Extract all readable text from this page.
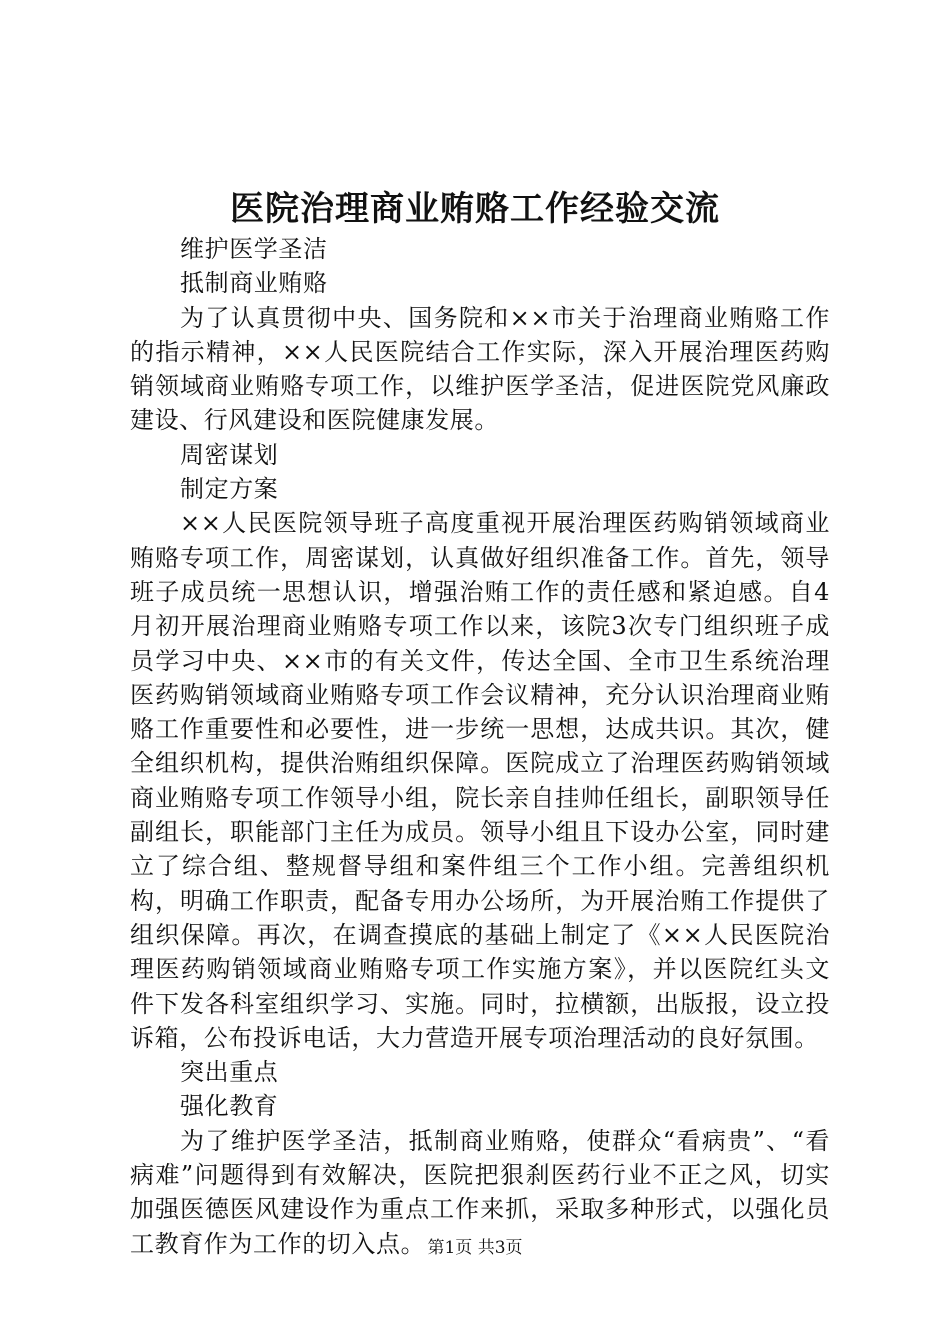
医院治理商业贿赂工作经验交流

维护医学圣洁

抵制商业贿赂

为了认真贯彻中央、国务院和××市关于治理商业贿赂工作的指示精神，××人民医院结合工作实际，深入开展治理医药购销领域商业贿赂专项工作，以维护医学圣洁，促进医院党风廉政建设、行风建设和医院健康发展。

周密谋划

制定方案

××人民医院领导班子高度重视开展治理医药购销领域商业贿赂专项工作，周密谋划，认真做好组织准备工作。首先，领导班子成员统一思想认识，增强治贿工作的责任感和紧迫感。自4月初开展治理商业贿赂专项工作以来，该院3次专门组织班子成员学习中央、××市的有关文件，传达全国、全市卫生系统治理医药购销领域商业贿赂专项工作会议精神，充分认识治理商业贿赂工作重要性和必要性，进一步统一思想，达成共识。其次，健全组织机构，提供治贿组织保障。医院成立了治理医药购销领域商业贿赂专项工作领导小组，院长亲自挂帅任组长，副职领导任副组长，职能部门主任为成员。领导小组且下设办公室，同时建立了综合组、整规督导组和案件组三个工作小组。完善组织机构，明确工作职责，配备专用办公场所，为开展治贿工作提供了组织保障。再次，在调查摸底的基础上制定了《××人民医院治理医药购销领域商业贿赂专项工作实施方案》，并以医院红头文件下发各科室组织学习、实施。同时，拉横额，出版报，设立投诉箱，公布投诉电话，大力营造开展专项治理活动的良好氛围。

突出重点

强化教育

为了维护医学圣洁，抵制商业贿赂，使群众“看病贵”、“看病难”问题得到有效解决，医院把狠刹医药行业不正之风，切实加强医德医风建设作为重点工作来抓，采取多种形式，以强化员工教育作为工作的切入点。 第1页 共3页
